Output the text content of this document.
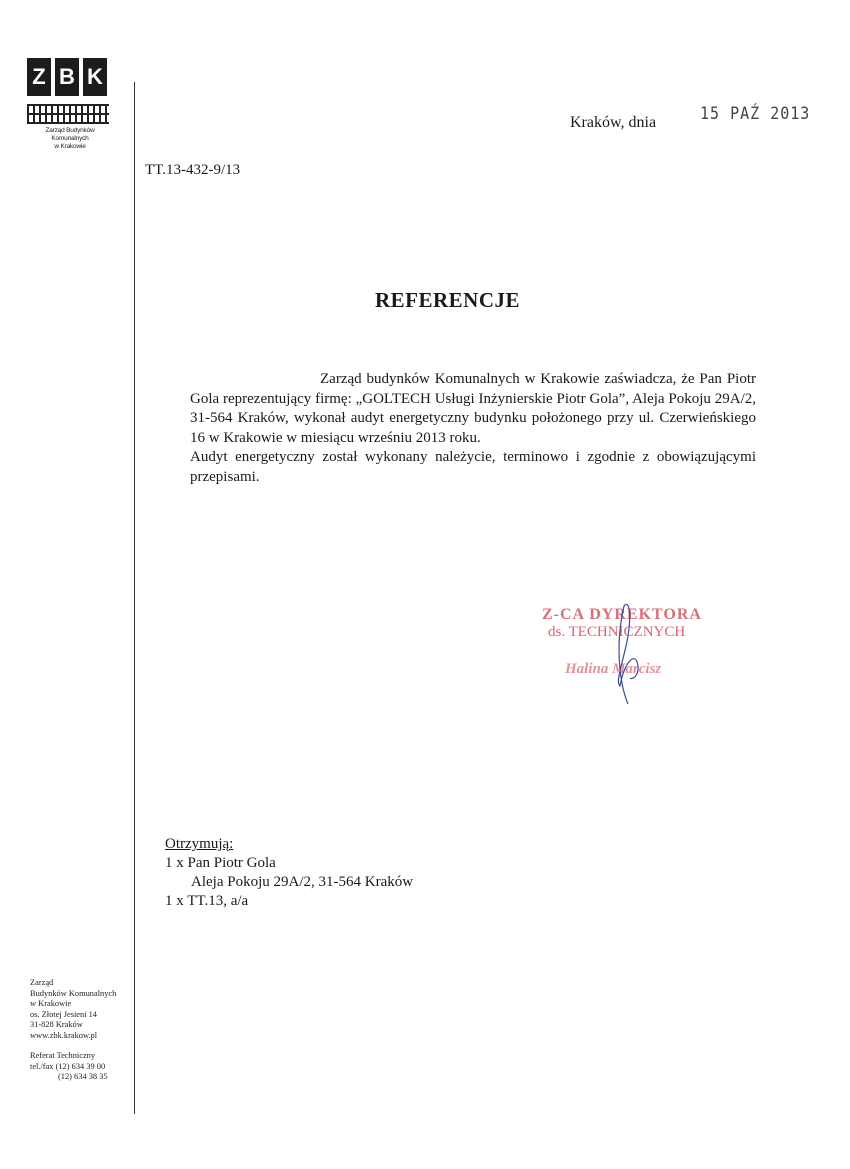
Z B K
Zarząd Budynków Komunalnych
w Krakowie
Kraków, dnia	15 PAŹ 2013
TT.13-432-9/13
REFERENCJE

Zarząd budynków Komunalnych w Krakowie zaświadcza, że Pan Piotr Gola reprezentujący firmę: „GOLTECH Usługi Inżynierskie Piotr Gola”, Aleja Pokoju 29A/2, 31-564 Kraków, wykonał audyt energetyczny budynku położonego przy ul. Czerwieńskiego 16 w Krakowie w miesiącu wrześniu 2013 roku.

Audyt energetyczny został wykonany należycie, terminowo i zgodnie z obowiązującymi przepisami.

Z-CA DYREKTORA
ds. TECHNICZNYCH
Halina Marcisz
Otrzymują:
1 x Pan Piotr Gola
Aleja Pokoju 29A/2, 31-564 Kraków
1 x TT.13, a/a
Zarząd
Budynków Komunalnych
w Krakowie
os. Złotej Jesieni 14
31-828 Kraków
www.zbk.krakow.pl
Referat Techniczny
tel./fax (12) 634 39 00
(12) 634 38 35
